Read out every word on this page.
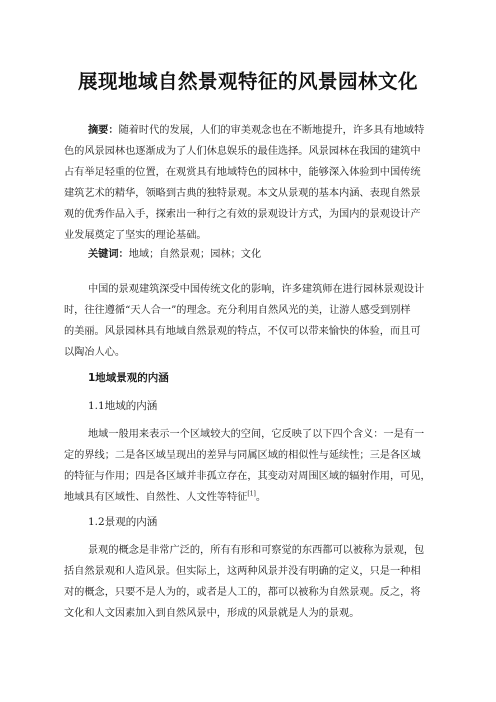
展现地域自然景观特征的风景园林文化
摘要：随着时代的发展，人们的审美观念也在不断地提升，许多具有地域特
色的风景园林也逐渐成为了人们休息娱乐的最佳选择。风景园林在我国的建筑中
占有举足轻重的位置，在观赏具有地域特色的园林中，能够深入体验到中国传统
建筑艺术的精华，领略到古典的独特景观。本文从景观的基本内涵、表现自然景
观的优秀作品入手，探索出一种行之有效的景观设计方式，为国内的景观设计产
业发展奠定了坚实的理论基础。
关键词：地域；自然景观；园林；文化
中国的景观建筑深受中国传统文化的影响，许多建筑师在进行园林景观设计
时，往往遵循“天人合一”的理念。充分利用自然风光的美，让游人感受到别样
的美丽。风景园林具有地域自然景观的特点，不仅可以带来愉快的体验，而且可
以陶冶人心。
1地域景观的内涵
1.1地域的内涵
地域一般用来表示一个区域较大的空间，它反映了以下四个含义：一是有一
定的界线；二是各区域呈现出的差异与同属区域的相似性与延续性；三是各区域
的特征与作用；四是各区域并非孤立存在，其变动对周围区域的辐射作用，可见，
地域具有区域性、自然性、人文性等特征[1]。
1.2景观的内涵
景观的概念是非常广泛的，所有有形和可察觉的东西都可以被称为景观，包
括自然景观和人造风景。但实际上，这两种风景并没有明确的定义，只是一种相
对的概念，只要不是人为的，或者是人工的，都可以被称为自然景观。反之，将
文化和人文因素加入到自然风景中，形成的风景就是人为的景观。
